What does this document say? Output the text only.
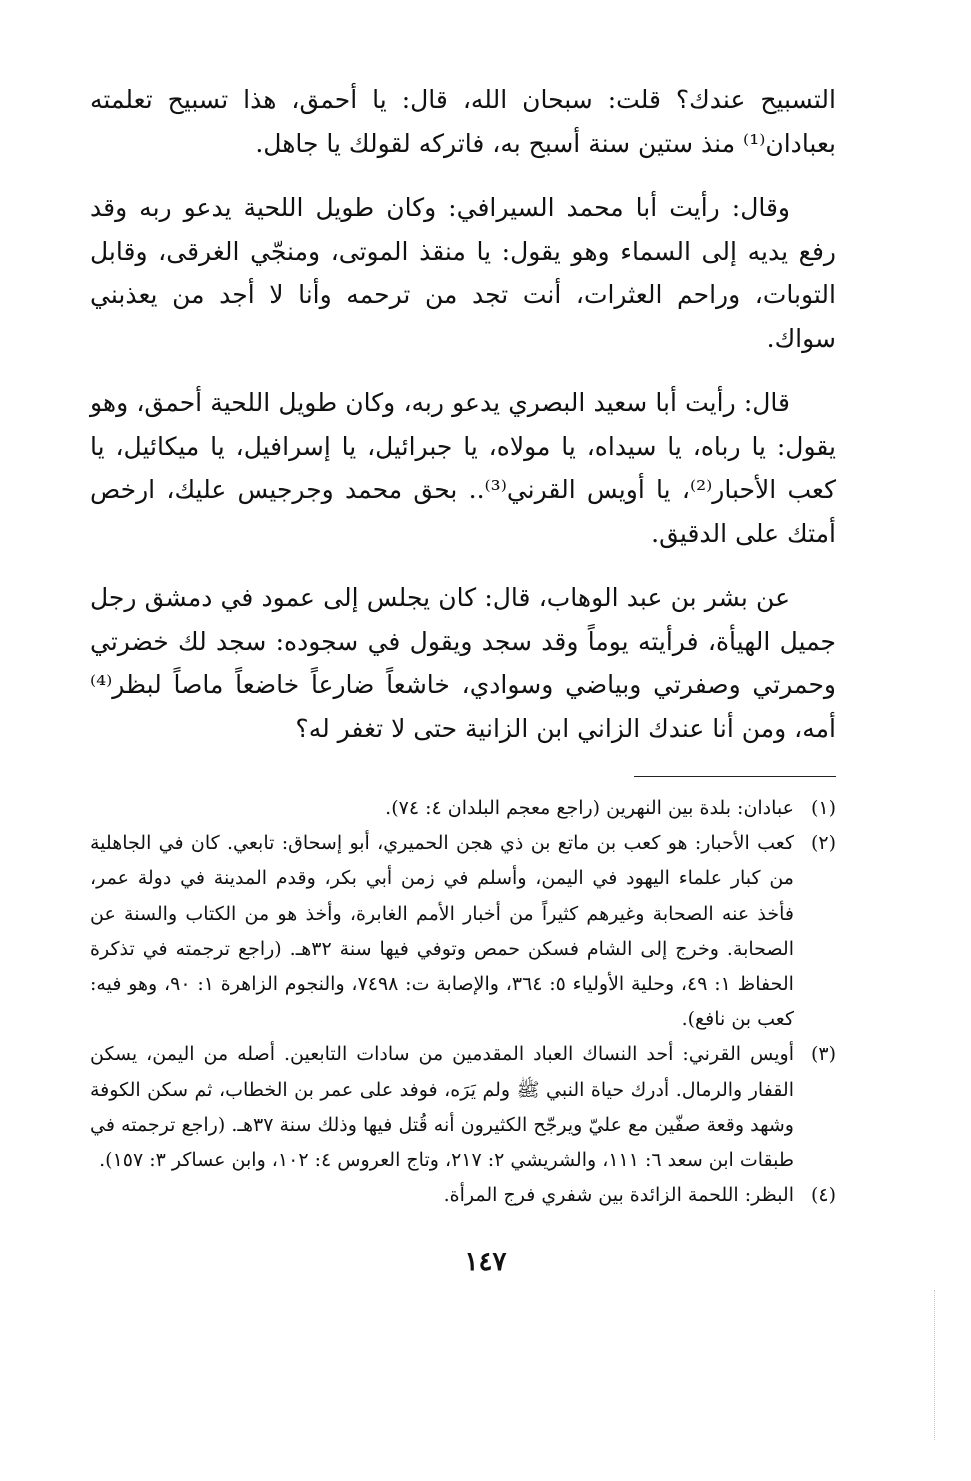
التسبيح عندك؟ قلت: سبحان الله، قال: يا أحمق، هذا تسبيح تعلمته بعبادان⁽¹⁾ منذ ستين سنة أسبح به، فاتركه لقولك يا جاهل.

وقال: رأيت أبا محمد السيرافي: وكان طويل اللحية يدعو ربه وقد رفع يديه إلى السماء وهو يقول: يا منقذ الموتى، ومنجّي الغرقى، وقابل التوبات، وراحم العثرات، أنت تجد من ترحمه وأنا لا أجد من يعذبني سواك.

قال: رأيت أبا سعيد البصري يدعو ربه، وكان طويل اللحية أحمق، وهو يقول: يا رباه، يا سيداه، يا مولاه، يا جبرائيل، يا إسرافيل، يا ميكائيل، يا كعب الأحبار⁽²⁾، يا أويس القرني⁽³⁾.. بحق محمد وجرجيس عليك، ارخص أمتك على الدقيق.

عن بشر بن عبد الوهاب، قال: كان يجلس إلى عمود في دمشق رجل جميل الهيأة، فرأيته يوماً وقد سجد ويقول في سجوده: سجد لك خضرتي وحمرتي وصفرتي وبياضي وسوادي، خاشعاً ضارعاً خاضعاً ماصاً لبظر⁽⁴⁾ أمه، ومن أنا عندك الزاني ابن الزانية حتى لا تغفر له؟

(١)
عبادان: بلدة بين النهرين (راجع معجم البلدان ٤: ٧٤).
(٢)
كعب الأحبار: هو كعب بن ماتع بن ذي هجن الحميري، أبو إسحاق: تابعي. كان في الجاهلية من كبار علماء اليهود في اليمن، وأسلم في زمن أبي بكر، وقدم المدينة في دولة عمر، فأخذ عنه الصحابة وغيرهم كثيراً من أخبار الأمم الغابرة، وأخذ هو من الكتاب والسنة عن الصحابة. وخرج إلى الشام فسكن حمص وتوفي فيها سنة ٣٢هـ. (راجع ترجمته في تذكرة الحفاظ ١: ٤٩، وحلية الأولياء ٥: ٣٦٤، والإصابة ت: ٧٤٩٨، والنجوم الزاهرة ١: ٩٠، وهو فيه: كعب بن نافع).
(٣)
أويس القرني: أحد النساك العباد المقدمين من سادات التابعين. أصله من اليمن، يسكن القفار والرمال. أدرك حياة النبي ﷺ ولم يَرَه، فوفد على عمر بن الخطاب، ثم سكن الكوفة وشهد وقعة صفّين مع عليّ ويرجّح الكثيرون أنه قُتل فيها وذلك سنة ٣٧هـ. (راجع ترجمته في طبقات ابن سعد ٦: ١١١، والشريشي ٢: ٢١٧، وتاج العروس ٤: ١٠٢، وابن عساكر ٣: ١٥٧).
(٤)
البظر: اللحمة الزائدة بين شفري فرج المرأة.
١٤٧
